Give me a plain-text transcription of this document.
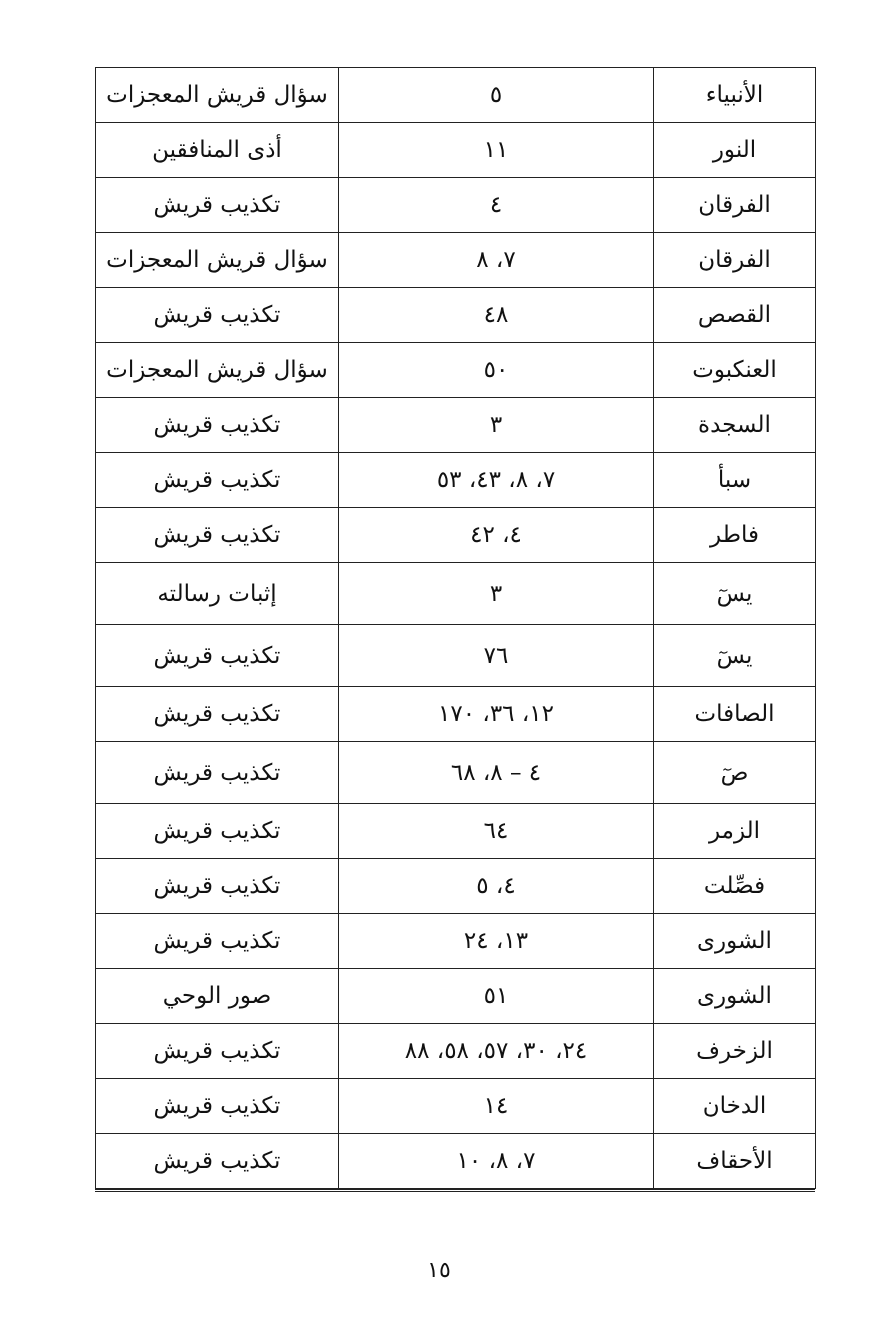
الأنبياء	٥	سؤال قريش المعجزات
النور	١١	أذى المنافقين
الفرقان	٤	تكذيب قريش
الفرقان	٧، ٨	سؤال قريش المعجزات
القصص	٤٨	تكذيب قريش
العنكبوت	٥٠	سؤال قريش المعجزات
السجدة	٣	تكذيب قريش
سبأ	٧، ٨، ٤٣، ٥٣	تكذيب قريش
فاطر	٤، ٤٢	تكذيب قريش
يسٓ	٣	إثبات رسالته
يسٓ	٧٦	تكذيب قريش
الصافات	١٢، ٣٦، ١٧٠	تكذيب قريش
صٓ	٤ – ٨، ٦٨	تكذيب قريش
الزمر	٦٤	تكذيب قريش
فصِّلت	٤، ٥	تكذيب قريش
الشورى	١٣، ٢٤	تكذيب قريش
الشورى	٥١	صور الوحي
الزخرف	٢٤، ٣٠، ٥٧، ٥٨، ٨٨	تكذيب قريش
الدخان	١٤	تكذيب قريش
الأحقاف	٧، ٨، ١٠	تكذيب قريش
١٥
